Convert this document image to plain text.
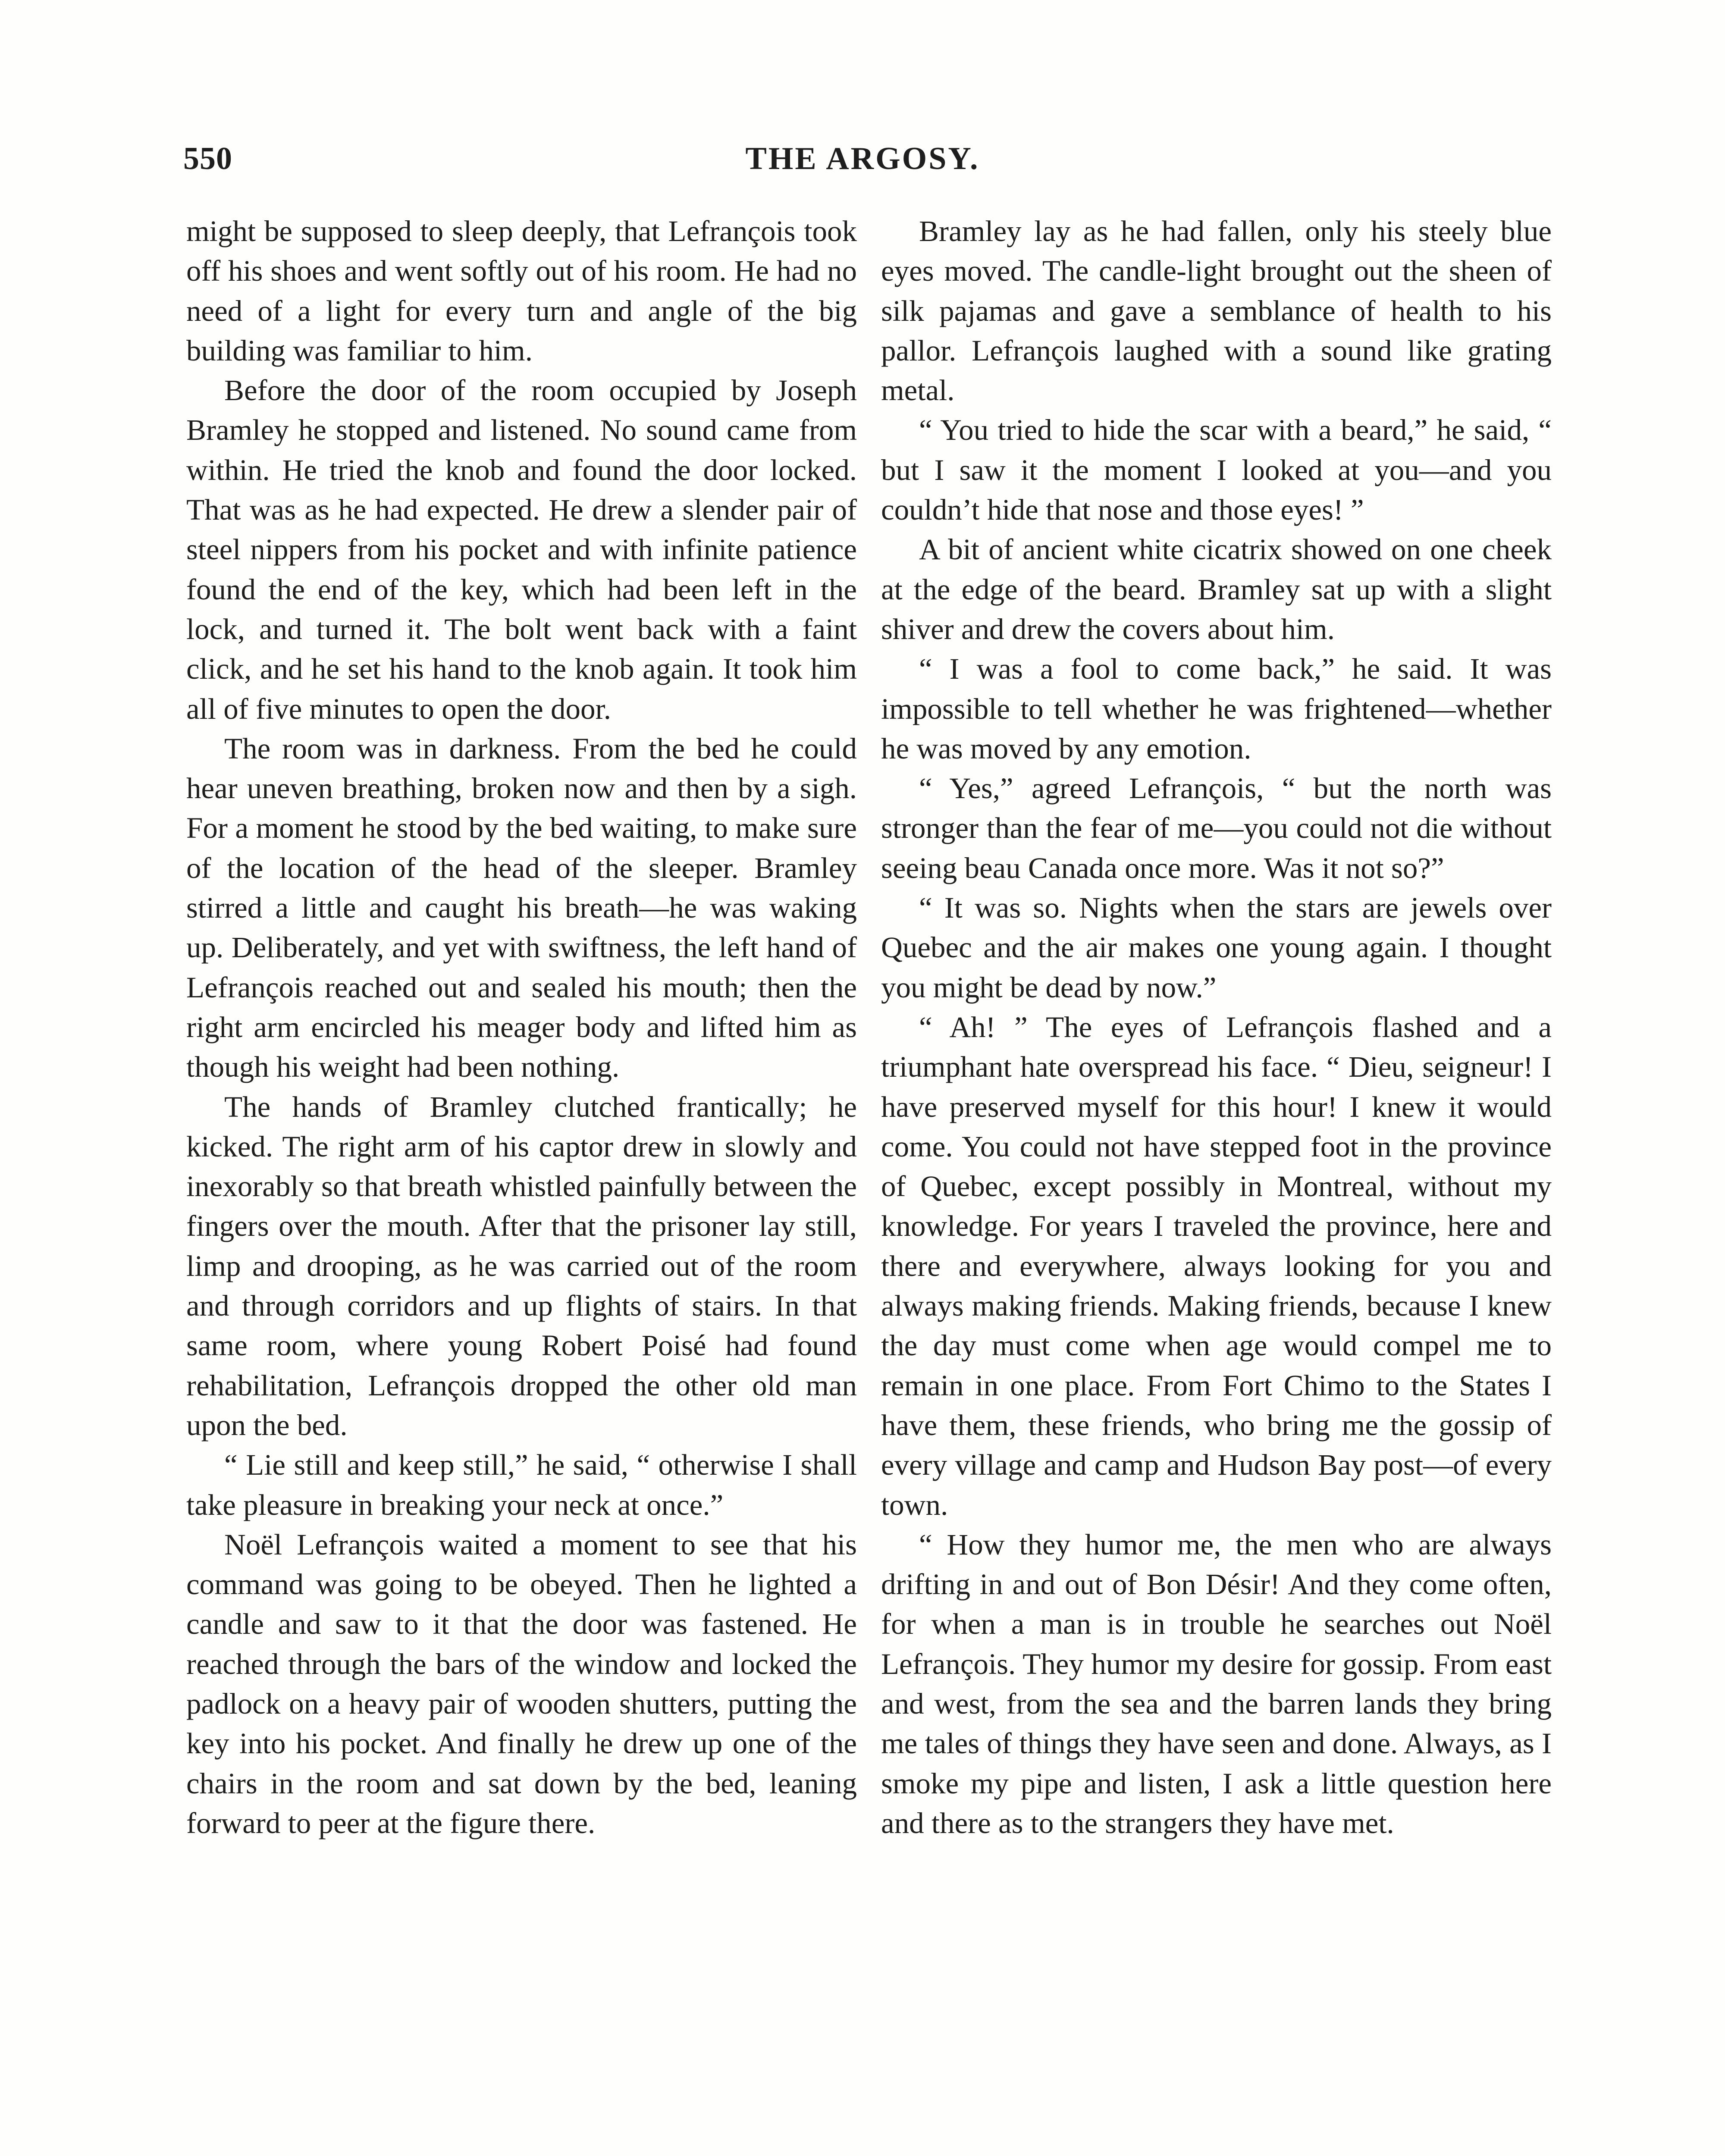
550	THE ARGOSY.

might be supposed to sleep deeply, that Lefrançois took off his shoes and went softly out of his room. He had no need of a light for every turn and angle of the big building was familiar to him.

Before the door of the room occupied by Joseph Bramley he stopped and listened. No sound came from within. He tried the knob and found the door locked. That was as he had expected. He drew a slender pair of steel nippers from his pocket and with infinite patience found the end of the key, which had been left in the lock, and turned it. The bolt went back with a faint click, and he set his hand to the knob again. It took him all of five minutes to open the door.

The room was in darkness. From the bed he could hear uneven breathing, broken now and then by a sigh. For a moment he stood by the bed waiting, to make sure of the location of the head of the sleeper. Bramley stirred a little and caught his breath—he was waking up. Deliberately, and yet with swiftness, the left hand of Lefrançois reached out and sealed his mouth; then the right arm encircled his meager body and lifted him as though his weight had been nothing.

The hands of Bramley clutched frantically; he kicked. The right arm of his captor drew in slowly and inexorably so that breath whistled painfully between the fingers over the mouth. After that the prisoner lay still, limp and drooping, as he was carried out of the room and through corridors and up flights of stairs. In that same room, where young Robert Poisé had found rehabilitation, Lefrançois dropped the other old man upon the bed.

“ Lie still and keep still,” he said, “ otherwise I shall take pleasure in breaking your neck at once.”

Noël Lefrançois waited a moment to see that his command was going to be obeyed. Then he lighted a candle and saw to it that the door was fastened. He reached through the bars of the window and locked the padlock on a heavy pair of wooden shutters, putting the key into his pocket. And finally he drew up one of the chairs in the room and sat down by the bed, leaning forward to peer at the figure there.

Bramley lay as he had fallen, only his steely blue eyes moved. The candle-light brought out the sheen of silk pajamas and gave a semblance of health to his pallor. Lefrançois laughed with a sound like grating metal.

“ You tried to hide the scar with a beard,” he said, “ but I saw it the moment I looked at you—and you couldn’t hide that nose and those eyes! ”

A bit of ancient white cicatrix showed on one cheek at the edge of the beard. Bramley sat up with a slight shiver and drew the covers about him.

“ I was a fool to come back,” he said. It was impossible to tell whether he was frightened—whether he was moved by any emotion.

“ Yes,” agreed Lefrançois, “ but the north was stronger than the fear of me—you could not die without seeing beau Canada once more. Was it not so?”

“ It was so. Nights when the stars are jewels over Quebec and the air makes one young again. I thought you might be dead by now.”

“ Ah! ” The eyes of Lefrançois flashed and a triumphant hate overspread his face. “ Dieu, seigneur! I have preserved myself for this hour! I knew it would come. You could not have stepped foot in the province of Quebec, except possibly in Montreal, without my knowledge. For years I traveled the province, here and there and everywhere, always looking for you and always making friends. Making friends, because I knew the day must come when age would compel me to remain in one place. From Fort Chimo to the States I have them, these friends, who bring me the gossip of every village and camp and Hudson Bay post—of every town.

“ How they humor me, the men who are always drifting in and out of Bon Désir! And they come often, for when a man is in trouble he searches out Noël Lefrançois. They humor my desire for gossip. From east and west, from the sea and the barren lands they bring me tales of things they have seen and done. Always, as I smoke my pipe and listen, I ask a little question here and there as to the strangers they have met.
